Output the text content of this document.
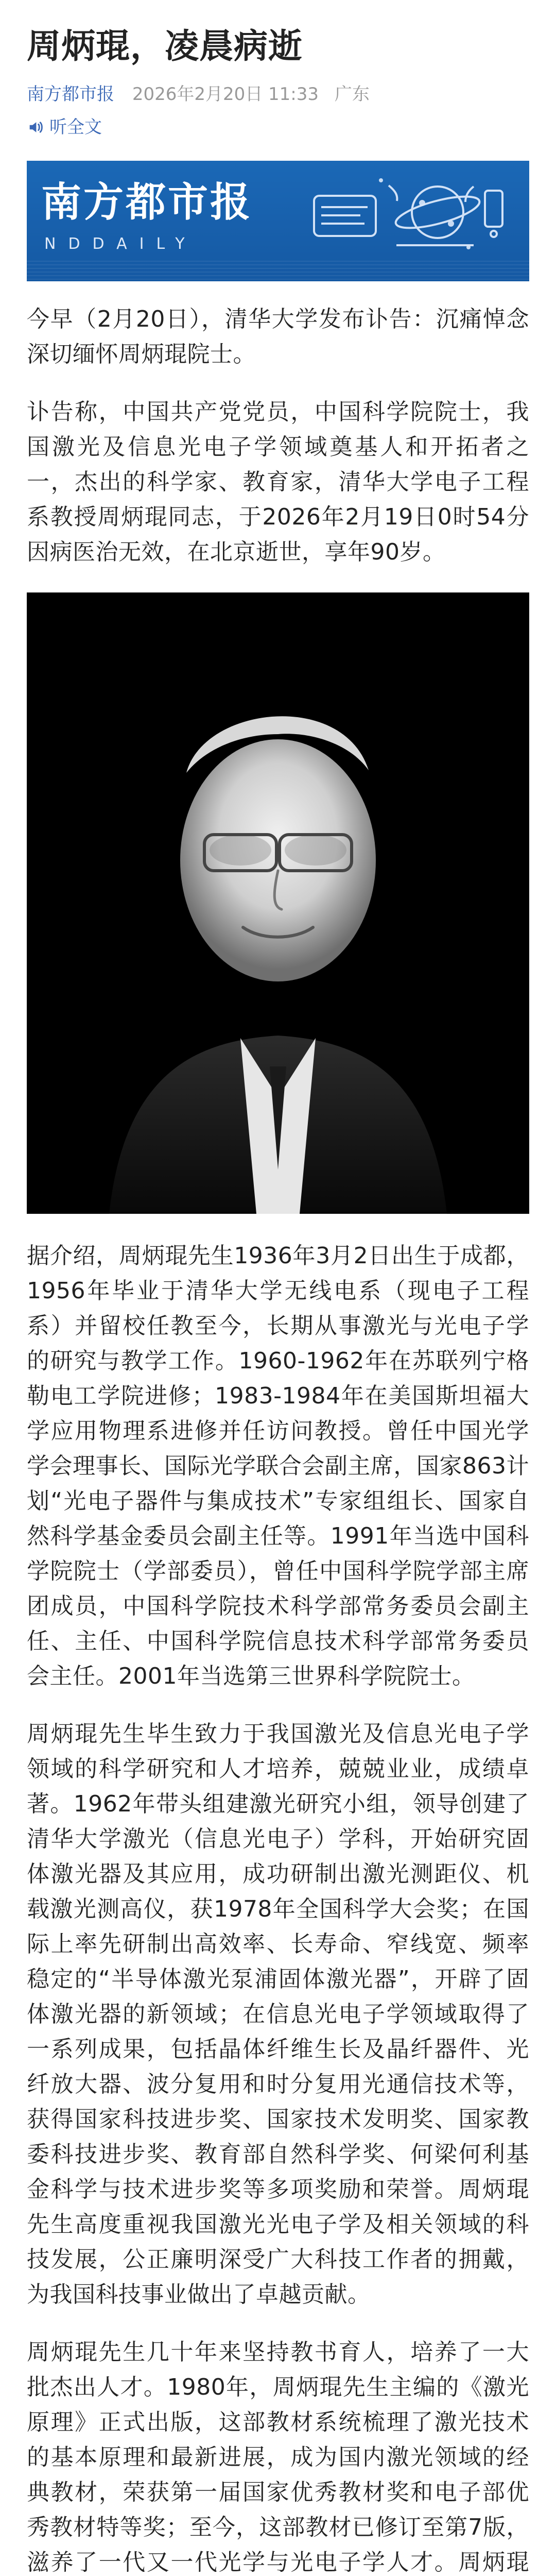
周炳琨，凌晨病逝
南方都市报 2026年2月20日 11:33 广东
听全文
南方都市报
NDDAILY

今早（2月20日），清华大学发布讣告：沉痛悼念深切缅怀周炳琨院士。

讣告称，中国共产党党员，中国科学院院士，我国激光及信息光电子学领域奠基人和开拓者之一，杰出的科学家、教育家，清华大学电子工程系教授周炳琨同志，于2026年2月19日0时54分因病医治无效，在北京逝世，享年90岁。

据介绍，周炳琨先生1936年3月2日出生于成都，1956年毕业于清华大学无线电系（现电子工程系）并留校任教至今，长期从事激光与光电子学的研究与教学工作。1960-1962年在苏联列宁格勒电工学院进修；1983-1984年在美国斯坦福大学应用物理系进修并任访问教授。曾任中国光学学会理事长、国际光学联合会副主席，国家863计划“光电子器件与集成技术”专家组组长、国家自然科学基金委员会副主任等。1991年当选中国科学院院士（学部委员），曾任中国科学院学部主席团成员，中国科学院技术科学部常务委员会副主任、主任、中国科学院信息技术科学部常务委员会主任。2001年当选第三世界科学院院士。

周炳琨先生毕生致力于我国激光及信息光电子学领域的科学研究和人才培养，兢兢业业，成绩卓著。1962年带头组建激光研究小组，领导创建了清华大学激光（信息光电子）学科，开始研究固体激光器及其应用，成功研制出激光测距仪、机载激光测高仪，获1978年全国科学大会奖；在国际上率先研制出高效率、长寿命、窄线宽、频率稳定的“半导体激光泵浦固体激光器”，开辟了固体激光器的新领域；在信息光电子学领域取得了一系列成果，包括晶体纤维生长及晶纤器件、光纤放大器、波分复用和时分复用光通信技术等，获得国家科技进步奖、国家技术发明奖、国家教委科技进步奖、教育部自然科学奖、何梁何利基金科学与技术进步奖等多项奖励和荣誉。周炳琨先生高度重视我国激光光电子学及相关领域的科技发展，公正廉明深受广大科技工作者的拥戴，为我国科技事业做出了卓越贡献。

周炳琨先生几十年来坚持教书育人，培养了一大批杰出人才。1980年，周炳琨先生主编的《激光原理》正式出版，这部教材系统梳理了激光技术的基本原理和最新进展，成为国内激光领域的经典教材，荣获第一届国家优秀教材奖和电子部优秀教材特等奖；至今，这部教材已修订至第7版，滋养了一代又一代光学与光电子学人才。周炳琨
